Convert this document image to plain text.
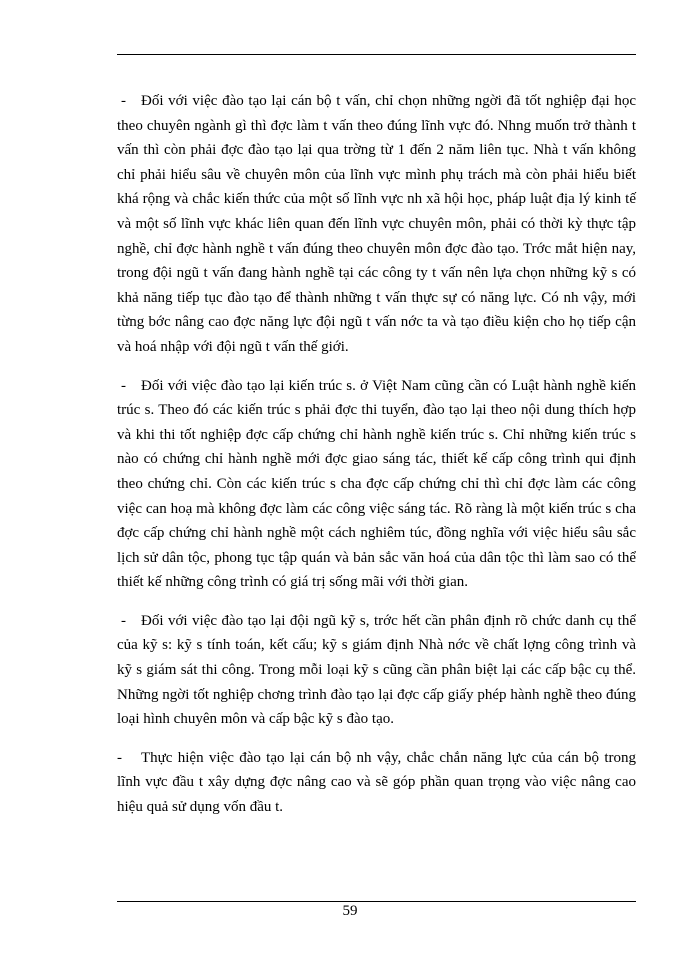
- Đối với việc đào tạo lại cán bộ t vấn, chỉ chọn những ngời đã tốt nghiệp đại học theo chuyên ngành gì thì đợc làm t vấn theo đúng lĩnh vực đó. Nhng muốn trở thành t vấn thì còn phải đợc đào tạo lại qua trờng từ 1 đến 2 năm liên tục. Nhà t vấn không chỉ phải hiểu sâu về chuyên môn của lĩnh vực mình phụ trách mà còn phải hiểu biết khá rộng và chắc kiến thức của một số lĩnh vực nh xã hội học, pháp luật địa lý kinh tế và một số lĩnh vực khác liên quan đến lĩnh vực chuyên môn, phải có thời kỳ thực tập nghề, chỉ đợc hành nghề t vấn đúng theo chuyên môn đợc đào tạo. Trớc mắt hiện nay, trong đội ngũ t vấn đang hành nghề tại các công ty t vấn nên lựa chọn những kỹ s có khả năng tiếp tục đào tạo để thành những t vấn thực sự có năng lực. Có nh vậy, mới từng bớc nâng cao đợc năng lực đội ngũ t vấn nớc ta và tạo điều kiện cho họ tiếp cận và hoá nhập với đội ngũ t vấn thế giới.

- Đối với việc đào tạo lại kiến trúc s. ở Việt Nam cũng cần có Luật hành nghề kiến trúc s. Theo đó các kiến trúc s phải đợc thi tuyển, đào tạo lại theo nội dung thích hợp và khi thi tốt nghiệp đợc cấp chứng chỉ hành nghề kiến trúc s. Chỉ những kiến trúc s nào có chứng chỉ hành nghề mới đợc giao sáng tác, thiết kế cấp công trình qui định theo chứng chỉ. Còn các kiến trúc s cha đợc cấp chứng chỉ thì chỉ đợc làm các công việc can hoạ mà không đợc làm các công việc sáng tác. Rõ ràng là một kiến trúc s cha đợc cấp chứng chỉ hành nghề một cách nghiêm túc, đồng nghĩa với việc hiểu sâu sắc lịch sử dân tộc, phong tục tập quán và bản sắc văn hoá của dân tộc thì làm sao có thể thiết kế những công trình có giá trị sống mãi với thời gian.

- Đối với việc đào tạo lại đội ngũ kỹ s, trớc hết cần phân định rõ chức danh cụ thể của kỹ s: kỹ s tính toán, kết cấu; kỹ s giám định Nhà nớc về chất lợng công trình và kỹ s giám sát thi công. Trong mỗi loại kỹ s cũng cần phân biệt lại các cấp bậc cụ thể. Những ngời tốt nghiệp chơng trình đào tạo lại đợc cấp giấy phép hành nghề theo đúng loại hình chuyên môn và cấp bậc kỹ s đào tạo.

- Thực hiện việc đào tạo lại cán bộ nh vậy, chắc chắn năng lực của cán bộ trong lĩnh vực đầu t xây dựng đợc nâng cao và sẽ góp phần quan trọng vào việc nâng cao hiệu quả sử dụng vốn đầu t.

59
